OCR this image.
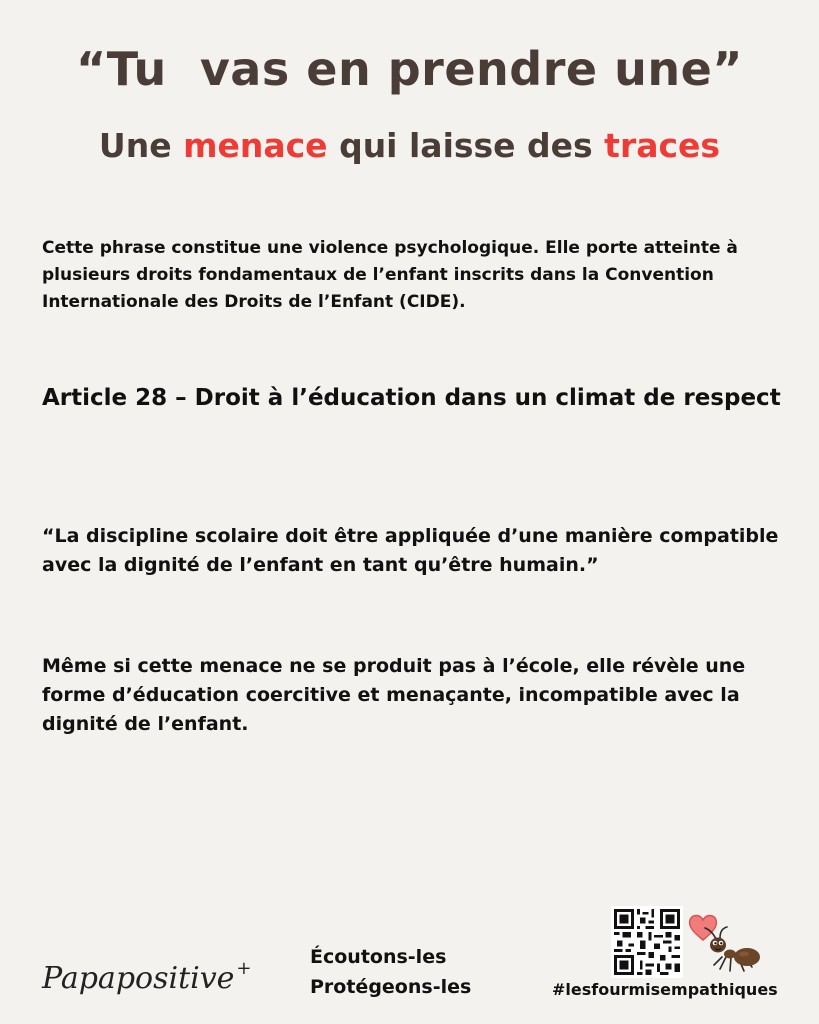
“Tu  vas en prendre une”
Une menace qui laisse des traces
Cette phrase constitue une violence psychologique. Elle porte atteinte à plusieurs droits fondamentaux de l’enfant inscrits dans la Convention Internationale des Droits de l’Enfant (CIDE).
Article 28 – Droit à l’éducation dans un climat de respect
“La discipline scolaire doit être appliquée d’une manière compatible avec la dignité de l’enfant en tant qu’être humain.”
Même si cette menace ne se produit pas à l’école, elle révèle une forme d’éducation coercitive et menaçante, incompatible avec la dignité de l’enfant.
Papapositive +
Écoutons-les
Protégeons-les	#lesfourmisempathiques
